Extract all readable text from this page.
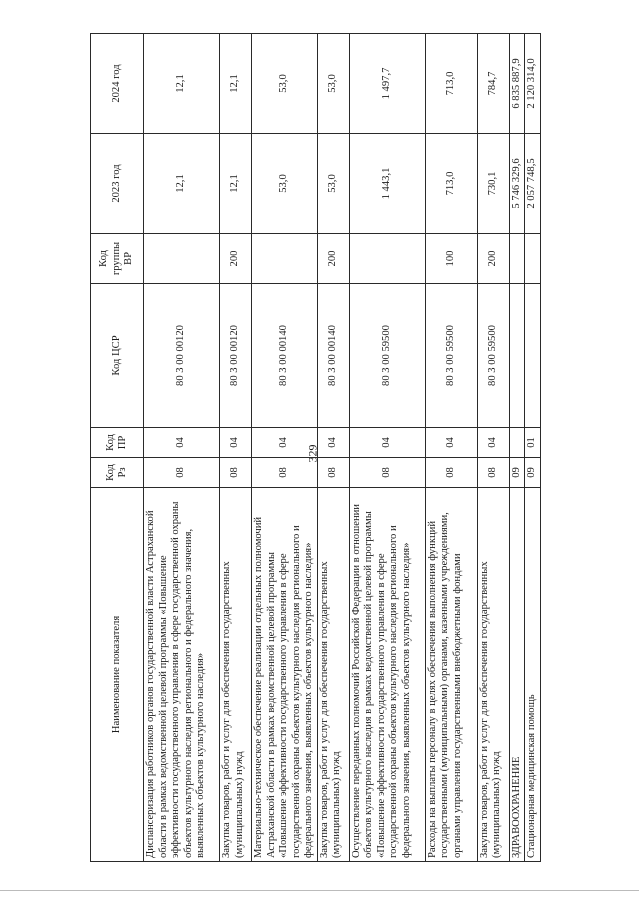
329
Наименование показателя	Код Рз	Код ПР	Код ЦСР	Код группы ВР	2023 год	2024 год
Диспансеризация работников органов государственной власти Астраханской области в рамках ведомственной целевой программы «Повышение эффективности государственного управления в сфере государственной охраны объектов культурного наследия регионального и федерального значения, выявленных объектов культурного наследия»	08	04	80 3 00 00120		12,1	12,1
Закупка товаров, работ и услуг для обеспечения государственных (муниципальных) нужд	08	04	80 3 00 00120	200	12,1	12,1
Материально-техническое обеспечение реализации отдельных полномочий Астраханской области в рамках ведомственной целевой программы «Повышение эффективности государственного управления в сфере государственной охраны объектов культурного наследия регионального и федерального значения, выявленных объектов культурного наследия»	08	04	80 3 00 00140		53,0	53,0
Закупка товаров, работ и услуг для обеспечения государственных (муниципальных) нужд	08	04	80 3 00 00140	200	53,0	53,0
Осуществление переданных полномочий Российской Федерации в отношении объектов культурного наследия в рамках ведомственной целевой программы «Повышение эффективности государственного управления в сфере государственной охраны объектов культурного наследия регионального и федерального значения, выявленных объектов культурного наследия»	08	04	80 3 00 59500		1 443,1	1 497,7
Расходы на выплаты персоналу в целях обеспечения выполнения функций государственными (муниципальными) органами, казенными учреждениями, органами управления государственными внебюджетными фондами	08	04	80 3 00 59500	100	713,0	713,0
Закупка товаров, работ и услуг для обеспечения государственных (муниципальных) нужд	08	04	80 3 00 59500	200	730,1	784,7
ЗДРАВООХРАНЕНИЕ	09				5 746 329,6	6 835 887,9
Стационарная медицинская помощь	09	01			2 057 748,5	2 120 314,0
